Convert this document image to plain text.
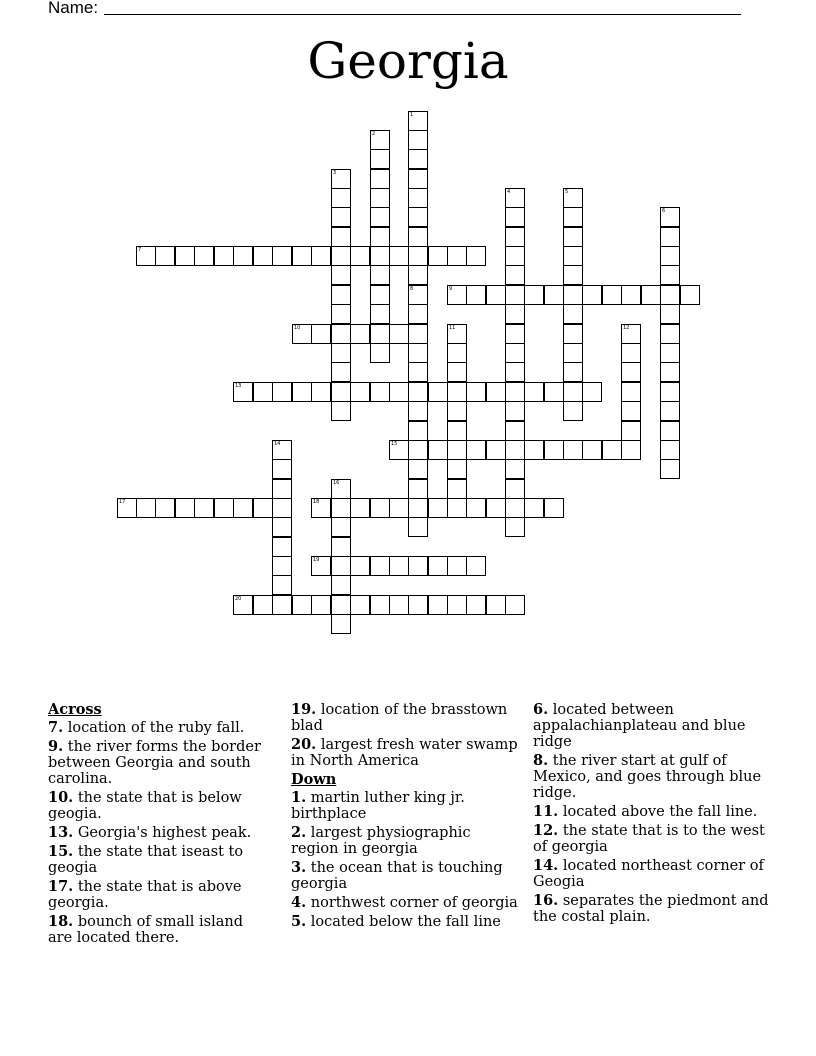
Name:
Georgia
1
2
3
4	5
6
7
8	9
10	11	12
13
14	15
16
17	18
19
20
Across
7. location of the ruby fall.
9. the river forms the border between Georgia and south carolina.
10. the state that is below geogia.
13. Georgia's highest peak.
15. the state that iseast to geogia
17. the state that is above georgia.
18. bounch of small island are located there.
19. location of the brasstown blad
20. largest fresh water swamp in North America
Down
1. martin luther king jr. birthplace
2. largest physiographic region in georgia
3. the ocean that is touching georgia
4. northwest corner of georgia
5. located below the fall line
6. located between appalachianplateau and blue ridge
8. the river start at gulf of Mexico, and goes through blue ridge.
11. located above the fall line.
12. the state that is to the west of georgia
14. located northeast corner of Geogia
16. separates the piedmont and the costal plain.
